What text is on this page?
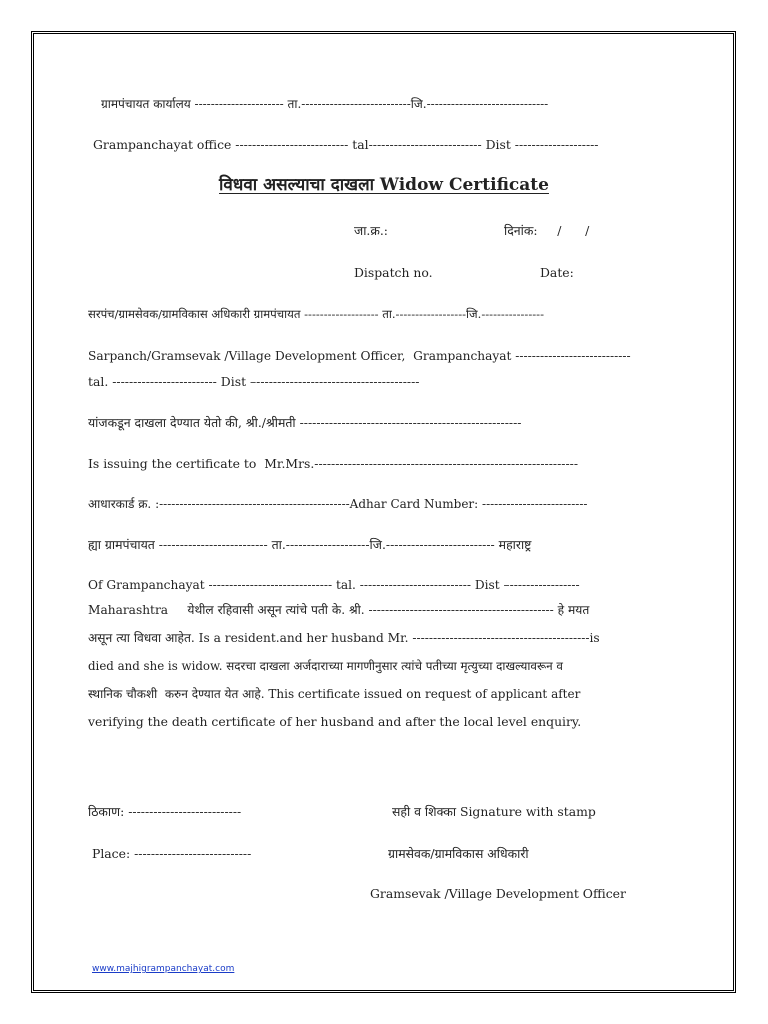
ग्रामपंचायत कार्यालय ---------------------- ता.---------------------------जि.------------------------------
Grampanchayat office --------------------------- tal--------------------------- Dist --------------------
विधवा असल्याचा दाखला Widow Certificate
जा.क्र.:	दिनांक:     /      /
Dispatch no.	Date:
सरपंच/ग्रामसेवक/ग्रामविकास अधिकारी ग्रामपंचायत ------------------- ता.------------------जि.----------------
Sarpanch/Gramsevak /Village Development Officer,  Grampanchayat ----------------------------
tal. ------------------------- Dist –---------------------------------------
यांजकडून दाखला देण्यात येतो की, श्री./श्रीमती -----------------------------------------------------
Is issuing the certificate to  Mr.Mrs.---------------------------------------------------------------
आधारकार्ड क्र. :-----------------------------------------------Adhar Card Number: --------------------------
ह्या ग्रामपंचायत -------------------------- ता.--------------------जि.-------------------------- महाराष्ट्र
Of Grampanchayat ------------------------------ tal. --------------------------- Dist –-----------------
Maharashtra     येथील रहिवासी असून त्यांचे पती के. श्री. --------------------------------------------- हे मयत
असून त्या विधवा आहेत. Is a resident.and her husband Mr. -------------------------------------------is
died and she is widow. सदरचा दाखला अर्जदाराच्या मागणीनुसार त्यांचे पतीच्या मृत्युच्या दाखल्यावरून व
स्थानिक चौकशी  करुन देण्यात येत आहे. This certificate issued on request of applicant after
verifying the death certificate of her husband and after the local level enquiry.
ठिकाण: ---------------------------	सही व शिक्का Signature with stamp
Place: ----------------------------	ग्रामसेवक/ग्रामविकास अधिकारी
Gramsevak /Village Development Officer
www.majhigrampanchayat.com
